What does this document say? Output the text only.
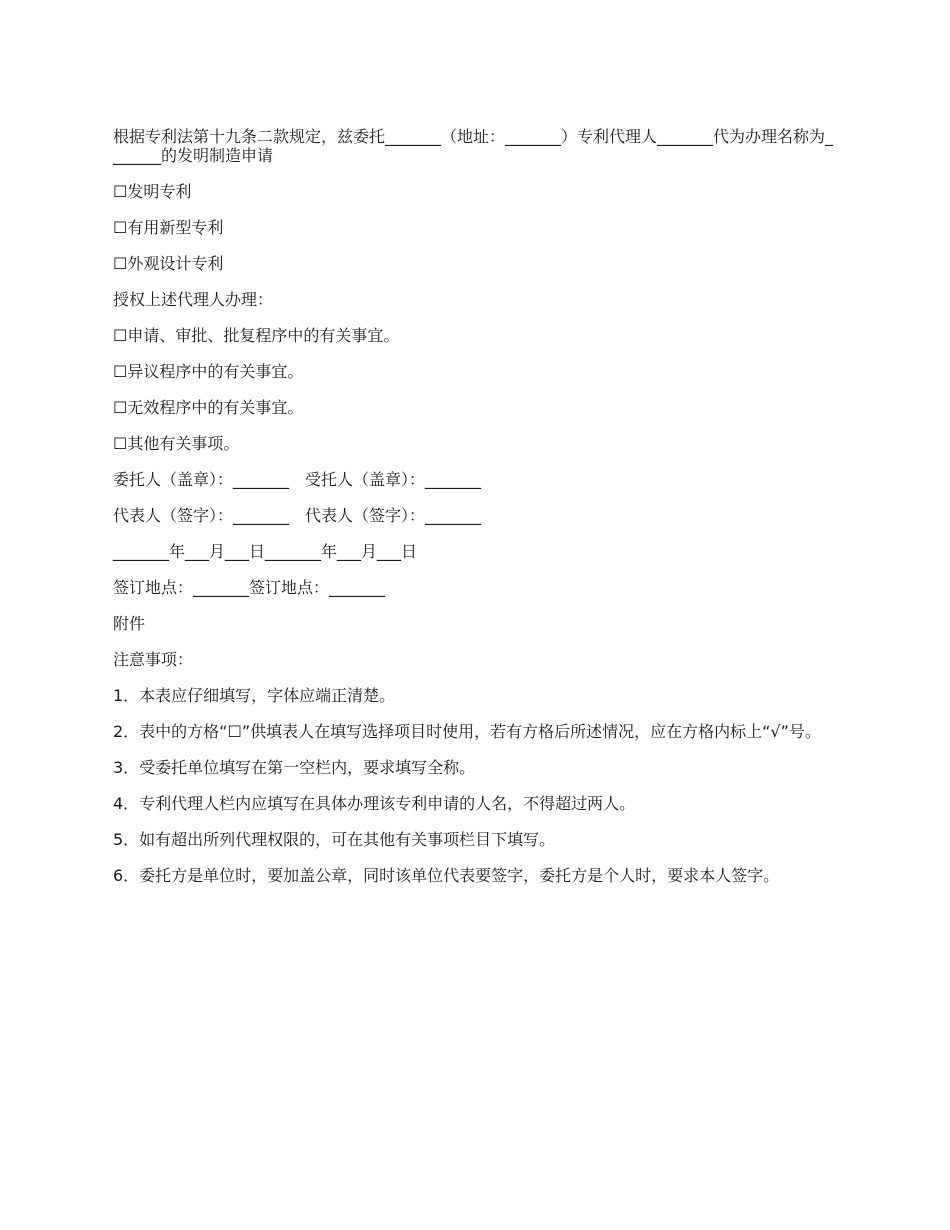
根据专利法第十九条二款规定，兹委托_______（地址：_______）专利代理人_______代为办理名称为_______的发明制造申请

☐发明专利

☐有用新型专利

☐外观设计专利

授权上述代理人办理：

☐申请、审批、批复程序中的有关事宜。

☐异议程序中的有关事宜。

☐无效程序中的有关事宜。

☐其他有关事项。

委托人（盖章）：_______　受托人（盖章）：_______

代表人（签字）：_______　代表人（签字）：_______

_______年___月___日_______年___月___日

签订地点：_______签订地点：_______

附件

注意事项：

1．本表应仔细填写，字体应端正清楚。

2．表中的方格“☐”供填表人在填写选择项目时使用，若有方格后所述情况，应在方格内标上“√”号。

3．受委托单位填写在第一空栏内，要求填写全称。

4．专利代理人栏内应填写在具体办理该专利申请的人名，不得超过两人。

5．如有超出所列代理权限的，可在其他有关事项栏目下填写。

6．委托方是单位时，要加盖公章，同时该单位代表要签字，委托方是个人时，要求本人签字。
